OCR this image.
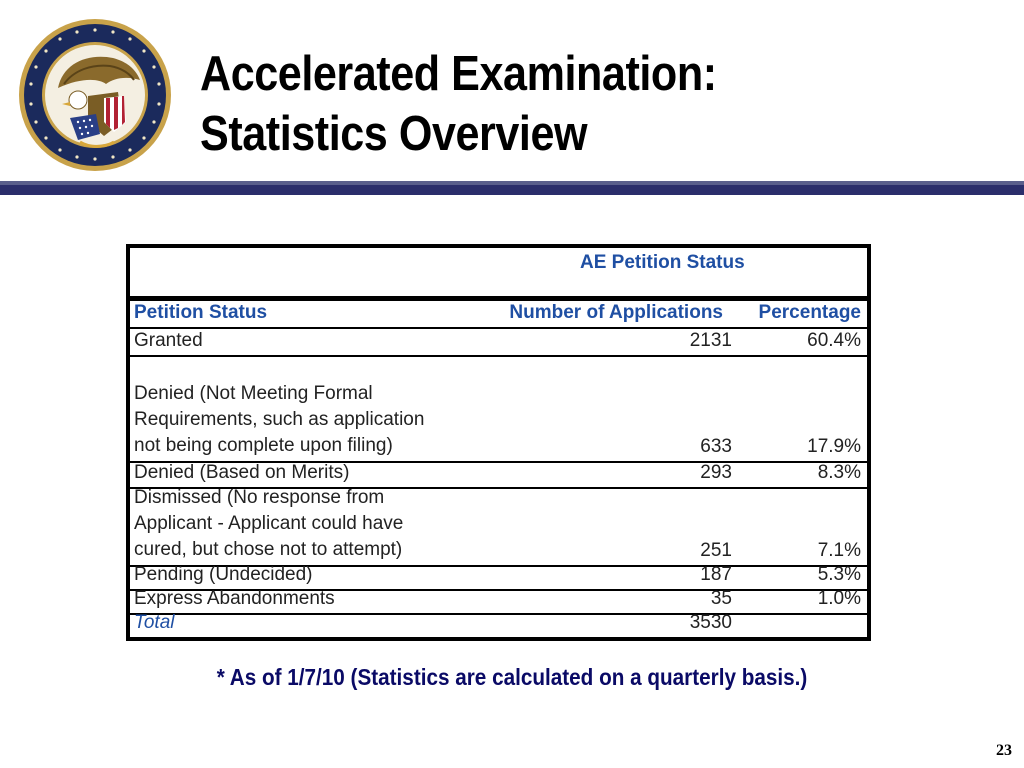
Accelerated Examination:
Statistics Overview
AE Petition Status
Petition Status	Number of Applications Percentage
Granted	2131	60.4%
Denied (Not Meeting Formal
Requirements, such as application
not being complete upon filing)	633	17.9%
Denied (Based on Merits)	293	8.3%
Dismissed (No response from
Applicant - Applicant could have
cured, but chose not to attempt)	251	7.1%
Pending (Undecided)	187	5.3%
Express Abandonments	35	1.0%
Total	3530
* As of 1/7/10 (Statistics are calculated on a quarterly basis.)
23
